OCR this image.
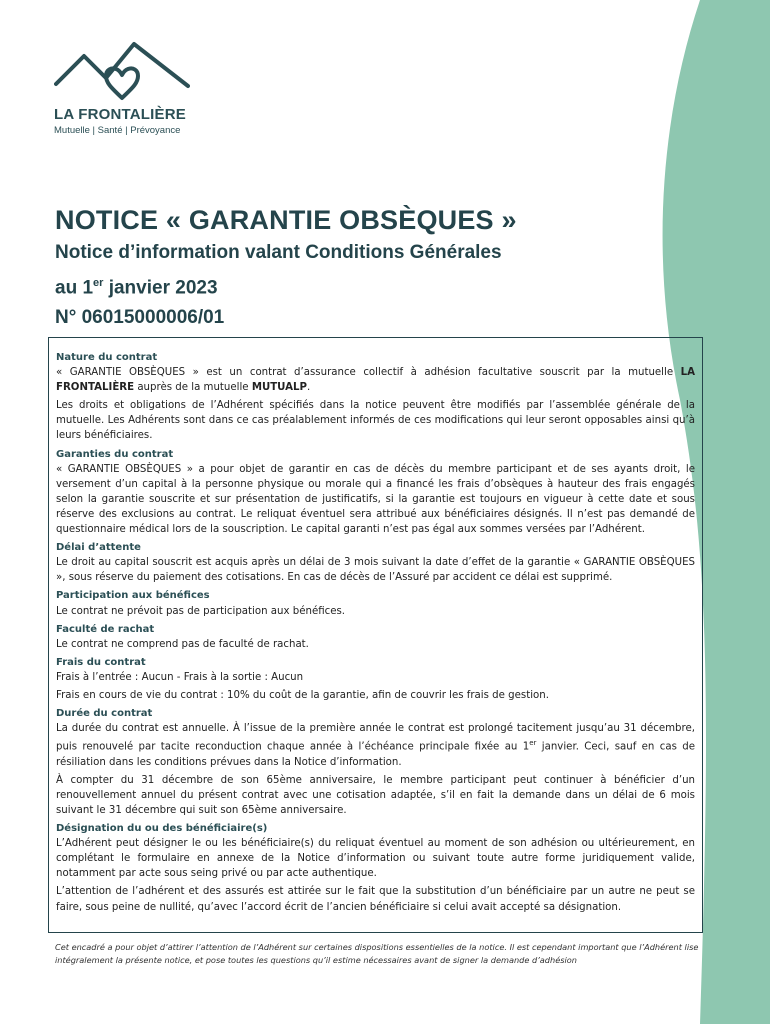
LA FRONTALIÈRE
Mutuelle | Santé | Prévoyance
NOTICE « GARANTIE OBSÈQUES »
Notice d’information valant Conditions Générales
au 1er janvier 2023
N° 06015000006/01
Nature du contrat
« GARANTIE OBSÈQUES » est un contrat d’assurance collectif à adhésion facultative souscrit par la mutuelle LA FRONTALIÈRE auprès de la mutuelle MUTUALP.
Les droits et obligations de l’Adhérent spécifiés dans la notice peuvent être modifiés par l’assemblée générale de la mutuelle. Les Adhérents sont dans ce cas préalablement informés de ces modifications qui leur seront opposables ainsi qu’à leurs bénéficiaires.
Garanties du contrat
« GARANTIE OBSÈQUES » a pour objet de garantir en cas de décès du membre participant et de ses ayants droit, le versement d’un capital à la personne physique ou morale qui a financé les frais d’obsèques à hauteur des frais engagés selon la garantie souscrite et sur présentation de justificatifs, si la garantie est toujours en vigueur à cette date et sous réserve des exclusions au contrat. Le reliquat éventuel sera attribué aux bénéficiaires désignés. Il n’est pas demandé de questionnaire médical lors de la souscription. Le capital garanti n’est pas égal aux sommes versées par l’Adhérent.
Délai d’attente
Le droit au capital souscrit est acquis après un délai de 3 mois suivant la date d’effet de la garantie « GARANTIE OBSÈQUES », sous réserve du paiement des cotisations. En cas de décès de l’Assuré par accident ce délai est supprimé.
Participation aux bénéfices
Le contrat ne prévoit pas de participation aux bénéfices.
Faculté de rachat
Le contrat ne comprend pas de faculté de rachat.
Frais du contrat
Frais à l’entrée : Aucun - Frais à la sortie : Aucun
Frais en cours de vie du contrat : 10% du coût de la garantie, afin de couvrir les frais de gestion.
Durée du contrat
La durée du contrat est annuelle. À l’issue de la première année le contrat est prolongé tacitement jusqu’au 31 décembre, puis renouvelé par tacite reconduction chaque année à l’échéance principale fixée au 1er janvier. Ceci, sauf en cas de résiliation dans les conditions prévues dans la Notice d’information.
À compter du 31 décembre de son 65ème anniversaire, le membre participant peut continuer à bénéficier d’un renouvellement annuel du présent contrat avec une cotisation adaptée, s’il en fait la demande dans un délai de 6 mois suivant le 31 décembre qui suit son 65ème anniversaire.
Désignation du ou des bénéficiaire(s)
L’Adhérent peut désigner le ou les bénéficiaire(s) du reliquat éventuel au moment de son adhésion ou ultérieurement, en complétant le formulaire en annexe de la Notice d’information ou suivant toute autre forme juridiquement valide, notamment par acte sous seing privé ou par acte authentique.
L’attention de l’adhérent et des assurés est attirée sur le fait que la substitution d’un bénéficiaire par un autre ne peut se faire, sous peine de nullité, qu’avec l’accord écrit de l’ancien bénéficiaire si celui avait accepté sa désignation.
Cet encadré a pour objet d’attirer l’attention de l’Adhérent sur certaines dispositions essentielles de la notice. Il est cependant important que l’Adhérent lise intégralement la présente notice, et pose toutes les questions qu’il estime nécessaires avant de signer la demande d’adhésion
